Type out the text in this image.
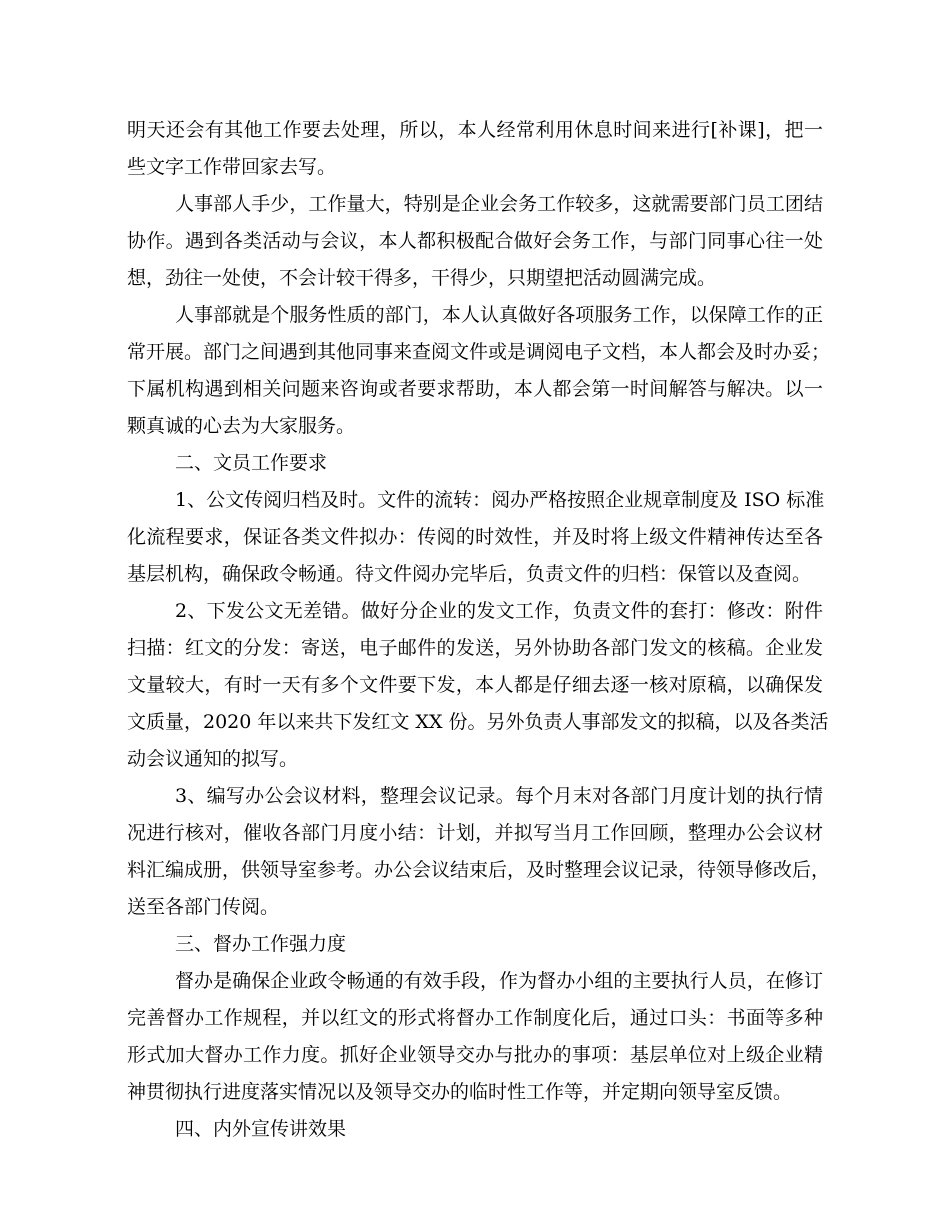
明天还会有其他工作要去处理，所以，本人经常利用休息时间来进行[补课]，把一
些文字工作带回家去写。
人事部人手少，工作量大，特别是企业会务工作较多，这就需要部门员工团结
协作。遇到各类活动与会议，本人都积极配合做好会务工作，与部门同事心往一处
想，劲往一处使，不会计较干得多，干得少，只期望把活动圆满完成。
人事部就是个服务性质的部门，本人认真做好各项服务工作，以保障工作的正
常开展。部门之间遇到其他同事来查阅文件或是调阅电子文档，本人都会及时办妥；
下属机构遇到相关问题来咨询或者要求帮助，本人都会第一时间解答与解决。以一
颗真诚的心去为大家服务。
二、文员工作要求
1、公文传阅归档及时。文件的流转：阅办严格按照企业规章制度及 ISO 标准
化流程要求，保证各类文件拟办：传阅的时效性，并及时将上级文件精神传达至各
基层机构，确保政令畅通。待文件阅办完毕后，负责文件的归档：保管以及查阅。
2、下发公文无差错。做好分企业的发文工作，负责文件的套打：修改：附件
扫描：红文的分发：寄送，电子邮件的发送，另外协助各部门发文的核稿。企业发
文量较大，有时一天有多个文件要下发，本人都是仔细去逐一核对原稿，以确保发
文质量，2020 年以来共下发红文 XX 份。另外负责人事部发文的拟稿，以及各类活
动会议通知的拟写。
3、编写办公会议材料，整理会议记录。每个月末对各部门月度计划的执行情
况进行核对，催收各部门月度小结：计划，并拟写当月工作回顾，整理办公会议材
料汇编成册，供领导室参考。办公会议结束后，及时整理会议记录，待领导修改后，
送至各部门传阅。
三、督办工作强力度
督办是确保企业政令畅通的有效手段，作为督办小组的主要执行人员，在修订
完善督办工作规程，并以红文的形式将督办工作制度化后，通过口头：书面等多种
形式加大督办工作力度。抓好企业领导交办与批办的事项：基层单位对上级企业精
神贯彻执行进度落实情况以及领导交办的临时性工作等，并定期向领导室反馈。
四、内外宣传讲效果
